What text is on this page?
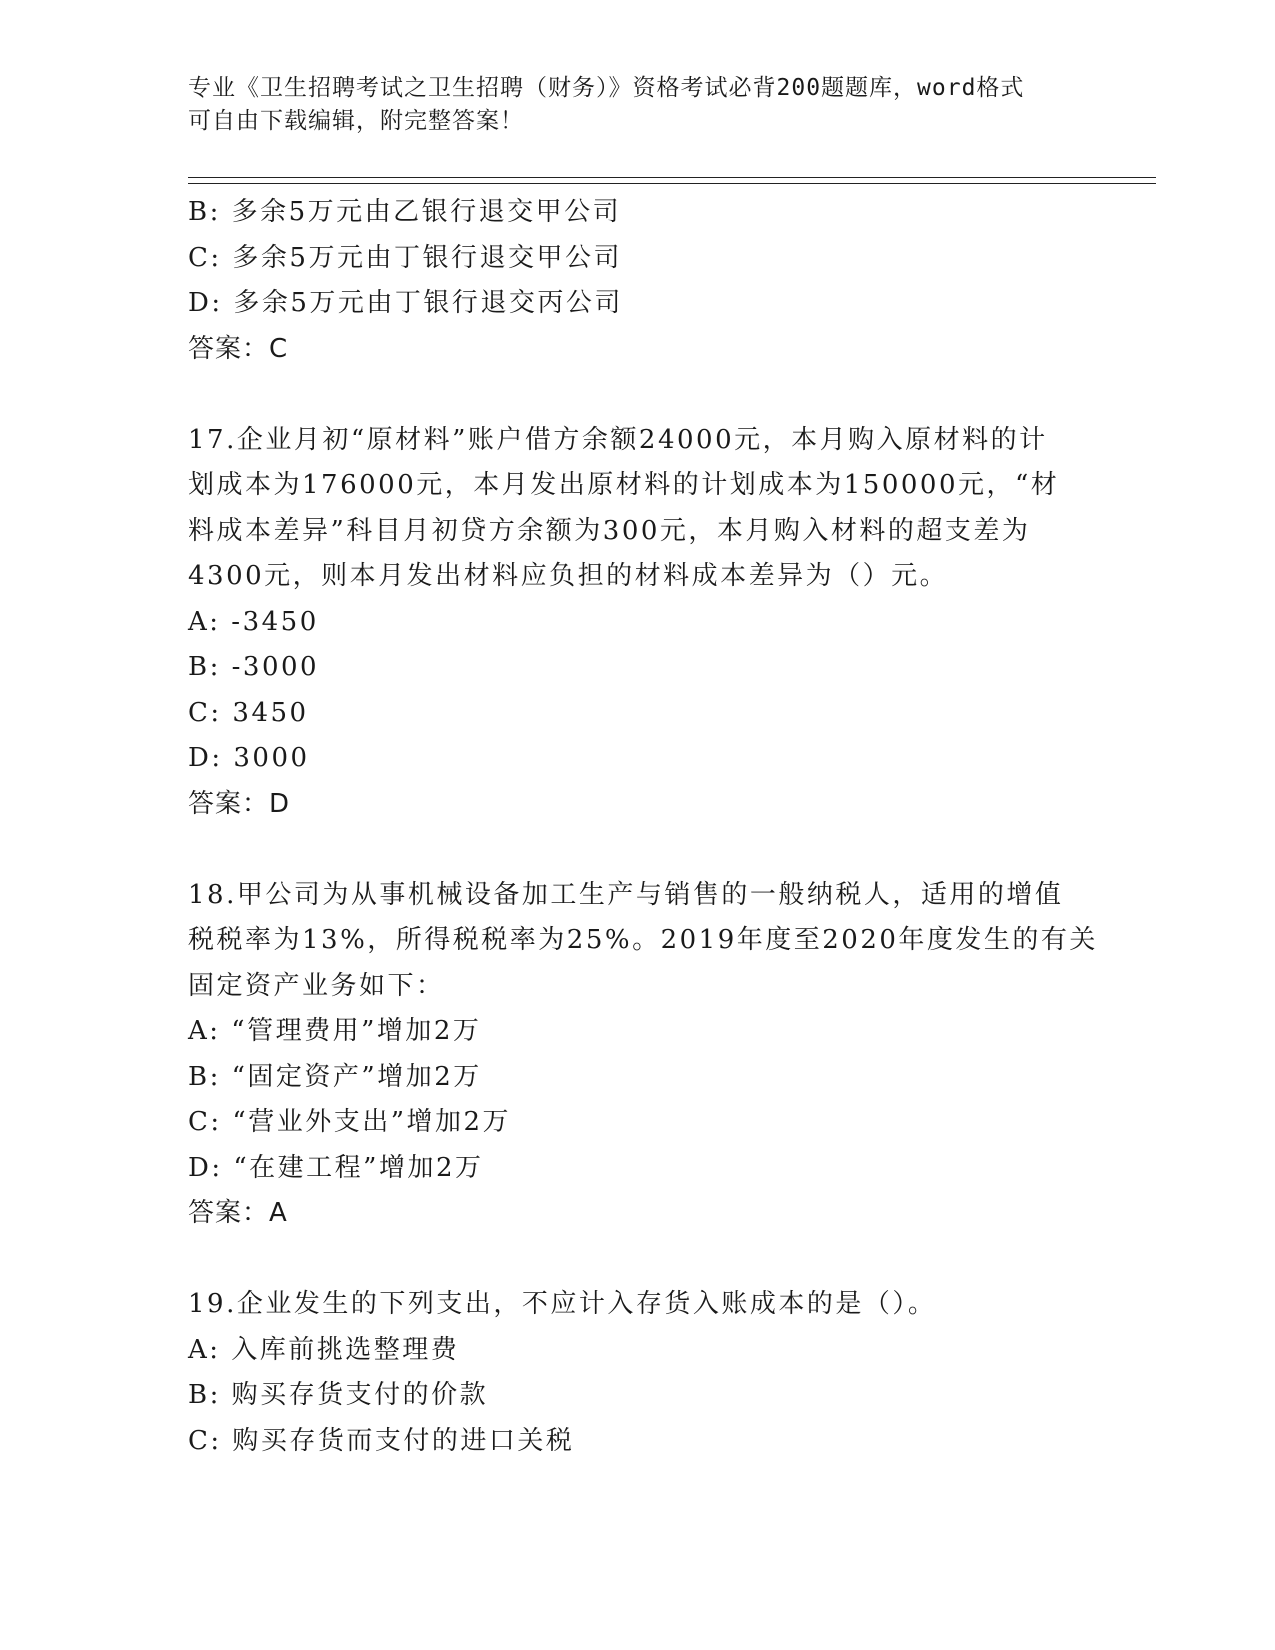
专业《卫生招聘考试之卫生招聘（财务）》资格考试必背200题题库，word格式
可自由下载编辑，附完整答案！
B: 多余5万元由乙银行退交甲公司
C: 多余5万元由丁银行退交甲公司
D: 多余5万元由丁银行退交丙公司
答案：C
17.企业月初“原材料”账户借方余额24000元，本月购入原材料的计
划成本为176000元，本月发出原材料的计划成本为150000元，“材
料成本差异”科目月初贷方余额为300元，本月购入材料的超支差为
4300元，则本月发出材料应负担的材料成本差异为（）元。
A: -3450
B: -3000
C: 3450
D: 3000
答案：D
18.甲公司为从事机械设备加工生产与销售的一般纳税人，适用的增值
税税率为13%，所得税税率为25%。2019年度至2020年度发生的有关
固定资产业务如下：
A: “管理费用”增加2万
B: “固定资产”增加2万
C: “营业外支出”增加2万
D: “在建工程”增加2万
答案：A
19.企业发生的下列支出，不应计入存货入账成本的是（）。
A: 入库前挑选整理费
B: 购买存货支付的价款
C: 购买存货而支付的进口关税
